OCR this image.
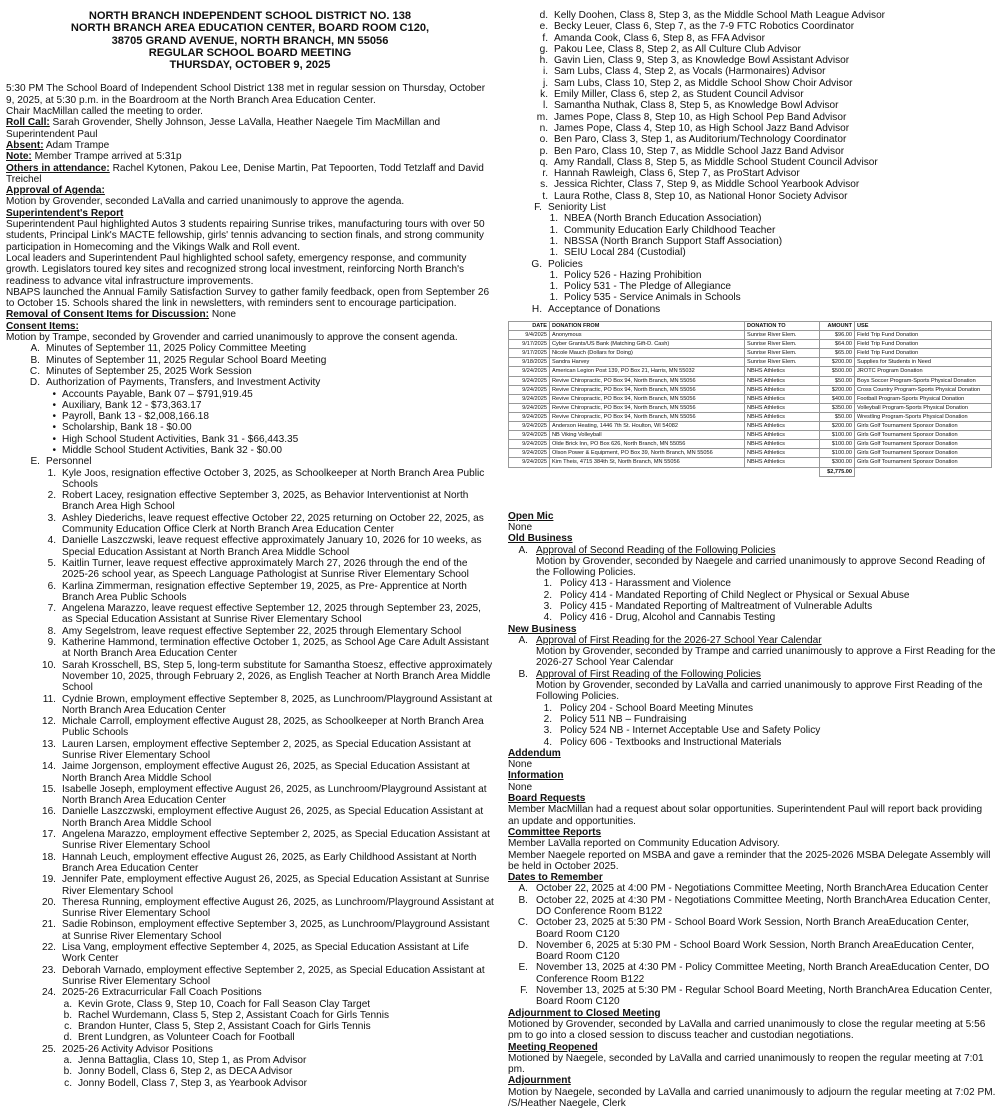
NORTH BRANCH INDEPENDENT SCHOOL DISTRICT NO. 138
NORTH BRANCH AREA EDUCATION CENTER, BOARD ROOM C120,
38705 GRAND AVENUE, NORTH BRANCH, MN 55056
REGULAR SCHOOL BOARD MEETING
THURSDAY, OCTOBER 9, 2025

5:30 PM The School Board of Independent School District 138 met in regular session on Thursday, October 9, 2025, at 5:30 p.m. in the Boardroom at the North Branch Area Education Center.

Chair MacMillan called the meeting to order.

Roll Call: Sarah Grovender, Shelly Johnson, Jesse LaValla, Heather Naegele Tim MacMillan and Superintendent Paul

Absent: Adam Trampe

Note: Member Trampe arrived at 5:31p

Others in attendance: Rachel Kytonen, Pakou Lee, Denise Martin, Pat Tepoorten, Todd Tetzlaff and David Treichel

Approval of Agenda:

Motion by Grovender, seconded LaValla and carried unanimously to approve the agenda.

Superintendent's Report

Superintendent Paul highlighted Autos 3 students repairing Sunrise trikes, manufacturing tours with over 50 students, Principal Link's MACTE fellowship, girls' tennis advancing to section finals, and strong community participation in Homecoming and the Vikings Walk and Roll event.

Local leaders and Superintendent Paul highlighted school safety, emergency response, and community growth. Legislators toured key sites and recognized strong local investment, reinforcing North Branch's readiness to advance vital infrastructure improvements.

NBAPS launched the Annual Family Satisfaction Survey to gather family feedback, open from September 26 to October 15. Schools shared the link in newsletters, with reminders sent to encourage participation.

Removal of Consent Items for Discussion: None

Consent Items:

Motion by Trampe, seconded by Grovender and carried unanimously to approve the consent agenda.

A. Minutes of September 11, 2025 Policy Committee Meeting
B. Minutes of September 11, 2025 Regular School Board Meeting
C. Minutes of September 25, 2025 Work Session
D. Authorization of Payments, Transfers, and Investment Activity
• Accounts Payable, Bank 07 – $791,919.45
• Auxiliary, Bank 12 - $73,363.17
• Payroll, Bank 13 - $2,008,166.18
• Scholarship, Bank 18 - $0.00
• High School Student Activities, Bank 31 - $66,443.35
• Middle School Student Activities, Bank 32 - $0.00
E. Personnel
1. Kyle Joos, resignation effective October 3, 2025, as Schoolkeeper at North Branch Area Public Schools
2. Robert Lacey, resignation effective September 3, 2025, as Behavior Interventionist at North Branch Area High School
3. Ashley Diederichs, leave request effective October 22, 2025 returning on October 22, 2025, as Community Education Office Clerk at North Branch Area Education Center
4. Danielle Laszczwski, leave request effective approximately January 10, 2026 for 10 weeks, as Special Education Assistant at North Branch Area Middle School
5. Kaitlin Turner, leave request effective approximately March 27, 2026 through the end of the 2025-26 school year, as Speech Language Pathologist at Sunrise River Elementary School
6. Karlina Zimmerman, resignation effective September 19, 2025, as Pre- Apprentice at North Branch Area Public Schools
7. Angelena Marazzo, leave request effective September 12, 2025 through September 23, 2025, as Special Education Assistant at Sunrise River Elementary School
8. Amy Segelstrom, leave request effective September 22, 2025 through Elementary School
9. Katherine Hammond, termination effective October 1, 2025, as School Age Care Adult Assistant at North Branch Area Education Center
10. Sarah Krosschell, BS, Step 5, long-term substitute for Samantha Stoesz, effective approximately November 10, 2025, through February 2, 2026, as English Teacher at North Branch Area Middle School
11. Cydnie Brown, employment effective September 8, 2025, as Lunchroom/Playground Assistant at North Branch Area Education Center
12. Michale Carroll, employment effective August 28, 2025, as Schoolkeeper at North Branch Area Public Schools
13. Lauren Larsen, employment effective September 2, 2025, as Special Education Assistant at Sunrise River Elementary School
14. Jaime Jorgenson, employment effective August 26, 2025, as Special Education Assistant at North Branch Area Middle School
15. Isabelle Joseph, employment effective August 26, 2025, as Lunchroom/Playground Assistant at North Branch Area Education Center
16. Danielle Laszczwski, employment effective August 26, 2025, as Special Education Assistant at North Branch Area Middle School
17. Angelena Marazzo, employment effective September 2, 2025, as Special Education Assistant at Sunrise River Elementary School
18. Hannah Leuch, employment effective August 26, 2025, as Early Childhood Assistant at North Branch Area Education Center
19. Jennifer Pate, employment effective August 26, 2025, as Special Education Assistant at Sunrise River Elementary School
20. Theresa Running, employment effective August 26, 2025, as Lunchroom/Playground Assistant at Sunrise River Elementary School
21. Sadie Robinson, employment effective September 3, 2025, as Lunchroom/Playground Assistant at Sunrise River Elementary School
22. Lisa Vang, employment effective September 4, 2025, as Special Education Assistant at Life Work Center
23. Deborah Varnado, employment effective September 2, 2025, as Special Education Assistant at Sunrise River Elementary School
24. 2025-26 Extracurricular Fall Coach Positions
a. Kevin Grote, Class 9, Step 10, Coach for Fall Season Clay Target
b. Rachel Wurdemann, Class 5, Step 2, Assistant Coach for Girls Tennis
c. Brandon Hunter, Class 5, Step 2, Assistant Coach for Girls Tennis
d. Brent Lundgren, as Volunteer Coach for Football
25. 2025-26 Activity Advisor Positions
a. Jenna Battaglia, Class 10, Step 1, as Prom Advisor
b. Jonny Bodell, Class 6, Step 2, as DECA Advisor
c. Jonny Bodell, Class 7, Step 3, as Yearbook Advisor
d. Kelly Doohen, Class 8, Step 3, as the Middle School Math League Advisor
e. Becky Leuer, Class 6, Step 7, as the 7-9 FTC Robotics Coordinator
f. Amanda Cook, Class 6, Step 8, as FFA Advisor
g. Pakou Lee, Class 8, Step 2, as All Culture Club Advisor
h. Gavin Lien, Class 9, Step 3, as Knowledge Bowl Assistant Advisor
i. Sam Lubs, Class 4, Step 2, as Vocals (Harmonaires) Advisor
j. Sam Lubs, Class 10, Step 2, as Middle School Show Choir Advisor
k. Emily Miller, Class 6, step 2, as Student Council Advisor
l. Samantha Nuthak, Class 8, Step 5, as Knowledge Bowl Advisor
m. James Pope, Class 8, Step 10, as High School Pep Band Advisor
n. James Pope, Class 4, Step 10, as High School Jazz Band Advisor
o. Ben Paro, Class 3, Step 1, as Auditorium/Technology Coordinator
p. Ben Paro, Class 10, Step 7, as Middle School Jazz Band Advisor
q. Amy Randall, Class 8, Step 5, as Middle School Student Council Advisor
r. Hannah Rawleigh, Class 6, Step 7, as ProStart Advisor
s. Jessica Richter, Class 7, Step 9, as Middle School Yearbook Advisor
t. Laura Rothe, Class 8, Step 10, as National Honor Society Advisor
F. Seniority List
1. NBEA (North Branch Education Association)
1. Community Education Early Childhood Teacher
1. NBSSA (North Branch Support Staff Association)
1. SEIU Local 284 (Custodial)
G. Policies
1. Policy 526 - Hazing Prohibition
1. Policy 531 - The Pledge of Allegiance
1. Policy 535 - Service Animals in Schools
H. Acceptance of Donations
DATE	DONATION FROM	DONATION TO	AMOUNT	USE
9/4/2025	Anonymous	Sunrise River Elem.	$96.00	Field Trip Fund Donation
9/17/2025	Cyber Grants/US Bank (Matching Gift-D. Cash)	Sunrise River Elem.	$64.00	Field Trip Fund Donation
9/17/2025	Nicole Mauch (Dollars for Doing)	Sunrise River Elem.	$65.00	Field Trip Fund Donation
9/18/2025	Sandra Harvey	Sunrise River Elem.	$200.00	Supplies for Students in Need
9/24/2025	American Legion Post 139, PO Box 21, Harris, MN 55032	NBHS Athletics	$500.00	JROTC Program Donation
9/24/2025	Revive Chiropractic, PO Box 94, North Branch, MN 55056	NBHS Athletics	$50.00	Boys Soccer Program-Sports Physical Donation
9/24/2025	Revive Chiropractic, PO Box 94, North Branch, MN 55056	NBHS Athletics	$200.00	Cross Country Program-Sports Physical Donation
9/24/2025	Revive Chiropractic, PO Box 94, North Branch, MN 55056	NBHS Athletics	$400.00	Football Program-Sports Physical Donation
9/24/2025	Revive Chiropractic, PO Box 94, North Branch, MN 55056	NBHS Athletics	$350.00	Volleyball Program-Sports Physical Donation
9/24/2025	Revive Chiropractic, PO Box 94, North Branch, MN 55056	NBHS Athletics	$50.00	Wrestling Program-Sports Physical Donation
9/24/2025	Anderson Heating, 1446 7th St. Houlton, WI 54082	NBHS Athletics	$200.00	Girls Golf Tournament Sponsor Donation
9/24/2025	NB Viking Volleyball	NBHS Athletics	$100.00	Girls Golf Tournament Sponsor Donation
9/24/2025	Olde Brick Inn, PO Box 626, North Branch, MN 55056	NBHS Athletics	$100.00	Girls Golf Tournament Sponsor Donation
9/24/2025	Olson Power & Equipment, PO Box 39, North Branch, MN 55056	NBHS Athletics	$100.00	Girls Golf Tournament Sponsor Donation
9/24/2025	Kim Theis, 4715 384th St, North Branch, MN 55056	NBHS Athletics	$300.00	Girls Golf Tournament Sponsor Donation
			$2,775.00	

Open Mic

None

Old Business

A. Approval of Second Reading of the Following Policies

Motion by Grovender, seconded by Naegele and carried unanimously to approve Second Reading of the Following Policies.

1. Policy 413 - Harassment and Violence
2. Policy 414 - Mandated Reporting of Child Neglect or Physical or Sexual Abuse
3. Policy 415 - Mandated Reporting of Maltreatment of Vulnerable Adults
4. Policy 416 - Drug, Alcohol and Cannabis Testing

New Business

A. Approval of First Reading for the 2026-27 School Year Calendar

Motion by Grovender, seconded by Trampe and carried unanimously to approve a First Reading for the 2026-27 School Year Calendar

B. Approval of First Reading of the Following Policies

Motion by Grovender, seconded by LaValla and carried unanimously to approve First Reading of the Following Policies.

1. Policy 204 - School Board Meeting Minutes
2. Policy 511 NB – Fundraising
3. Policy 524 NB - Internet Acceptable Use and Safety Policy
4. Policy 606 - Textbooks and Instructional Materials

Addendum

None

Information

None

Board Requests

Member MacMillan had a request about solar opportunities. Superintendent Paul will report back providing an update and opportunities.

Committee Reports

Member LaValla reported on Community Education Advisory.

Member Naegele reported on MSBA and gave a reminder that the 2025-2026 MSBA Delegate Assembly will be held in October 2025.

Dates to Remember

A. October 22, 2025 at 4:00 PM - Negotiations Committee Meeting, North BranchArea Education Center
B. October 22, 2025 at 4:30 PM - Negotiations Committee Meeting, North BranchArea Education Center, DO Conference Room B122
C. October 23, 2025 at 5:30 PM - School Board Work Session, North Branch AreaEducation Center, Board Room C120
D. November 6, 2025 at 5:30 PM - School Board Work Session, North Branch AreaEducation Center, Board Room C120
E. November 13, 2025 at 4:30 PM - Policy Committee Meeting, North Branch AreaEducation Center, DO Conference Room B122
F. November 13, 2025 at 5:30 PM - Regular School Board Meeting, North BranchArea Education Center, Board Room C120

Adjournment to Closed Meeting

Motioned by Grovender, seconded by LaValla and carried unanimously to close the regular meeting at 5:56 pm to go into a closed session to discuss teacher and custodian negotiations.

Meeting Reopened

Motioned by Naegele, seconded by LaValla and carried unanimously to reopen the regular meeting at 7:01 pm.

Adjournment

Motion by Naegele, seconded by LaValla and carried unanimously to adjourn the regular meeting at 7:02 PM.

/S/Heather Naegele, Clerk
